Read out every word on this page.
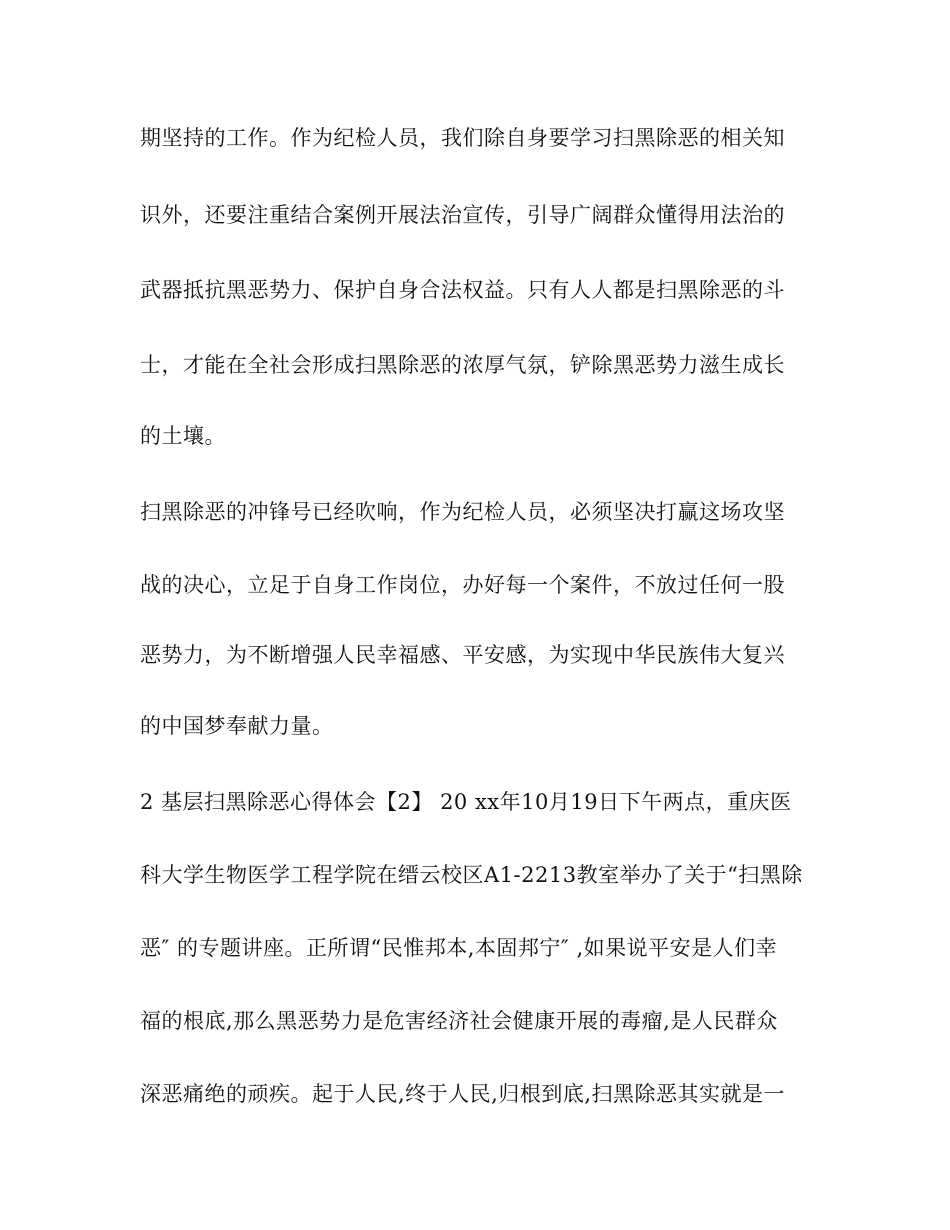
期坚持的工作。作为纪检人员，我们除自身要学习扫黑除恶的相关知
识外，还要注重结合案例开展法治宣传，引导广阔群众懂得用法治的
武器抵抗黑恶势力、保护自身合法权益。只有人人都是扫黑除恶的斗
士，才能在全社会形成扫黑除恶的浓厚气氛，铲除黑恶势力滋生成长
的土壤。
扫黑除恶的冲锋号已经吹响，作为纪检人员，必须坚决打赢这场攻坚
战的决心，立足于自身工作岗位，办好每一个案件，不放过任何一股
恶势力，为不断增强人民幸福感、平安感，为实现中华民族伟大复兴
的中国梦奉献力量。
2 基层扫黑除恶心得体会【2】 20 xx年10月19日下午两点，重庆医
科大学生物医学工程学院在缙云校区A1-2213教室举办了关于“扫黑除
恶″ 的专题讲座。正所谓“民惟邦本,本固邦宁″ ,如果说平安是人们幸
福的根底,那么黑恶势力是危害经济社会健康开展的毒瘤,是人民群众
深恶痛绝的顽疾。起于人民,终于人民,归根到底,扫黑除恶其实就是一
